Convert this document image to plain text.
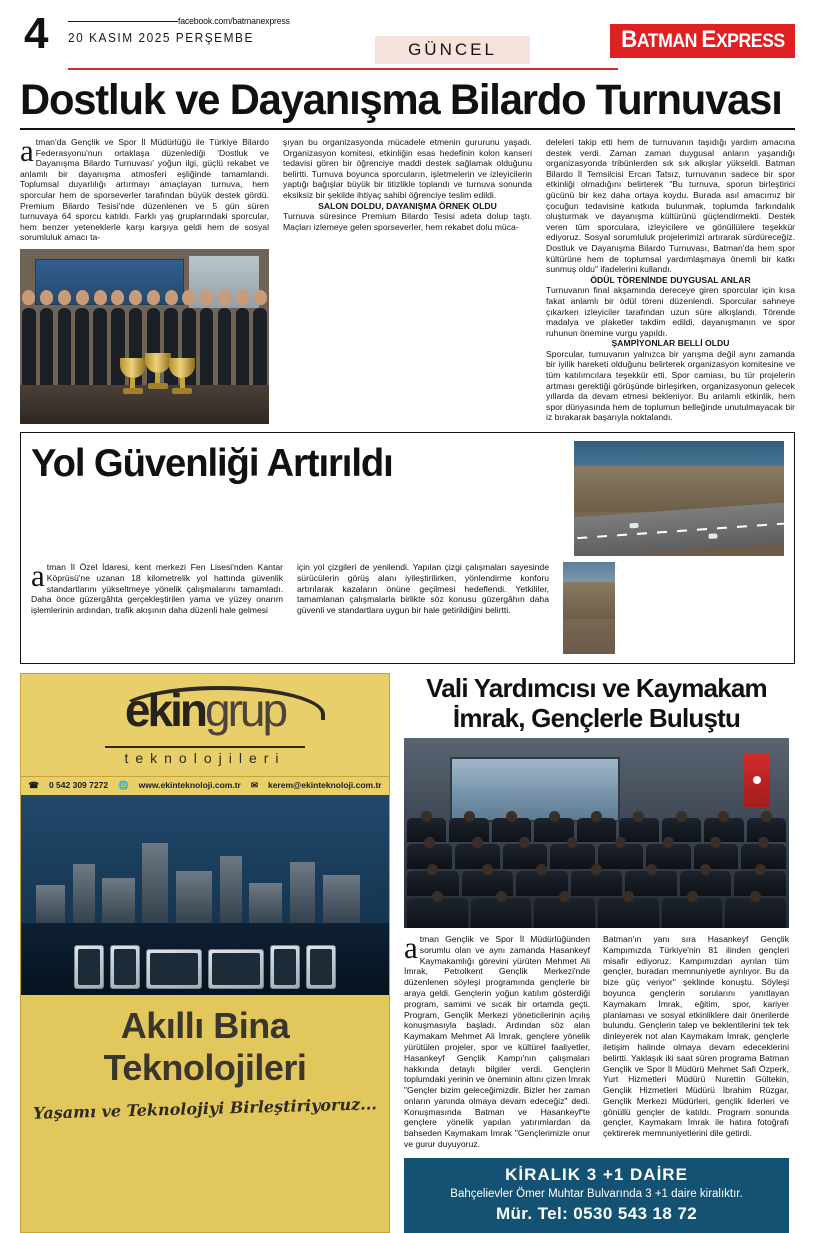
4	facebook.com/batmanexpress
20 KASIM 2025 PERŞEMBE
GÜNCEL	BATMAN EXPRESS
Dostluk ve Dayanışma Bilardo Turnuvası

atman'da Gençlik ve Spor İl Müdürlüğü ile Türkiye Bilardo Federasyonu'nun ortaklaşa düzenlediği 'Dostluk ve Dayanışma Bilardo Turnuvası' yoğun ilgi, güçlü rekabet ve anlamlı bir dayanışma atmosferi eşliğinde tamamlandı. Toplumsal duyarlılığı artırmayı amaçlayan turnuva, hem sporcular hem de sporseverler tarafından büyük destek gördü. Premium Bilardo Tesisi'nde düzenlenen ve 5 gün süren turnuvaya 64 sporcu katıldı. Farklı yaş gruplarındaki sporcular, hem benzer yeteneklerle karşı karşıya geldi hem de sosyal sorumluluk amacı ta-

şıyan bu organizasyonda mücadele etmenin gururunu yaşadı. Organizasyon komitesi, etkinliğin esas hedefinin kolon kanseri tedavisi gören bir öğrenciye maddi destek sağlamak olduğunu belirtti. Turnuva boyunca sporcuların, işletmelerin ve izleyicilerin yaptığı bağışlar büyük bir titizlikle toplandı ve turnuva sonunda eksiksiz bir şekilde ihtiyaç sahibi öğrenciye teslim edildi.

SALON DOLDU, DAYANIŞMA ÖRNEK OLDU

Turnuva süresince Premium Bilardo Tesisi adeta dolup taştı. Maçları izlemeye gelen sporseverler, hem rekabet dolu müca-

deleleri takip etti hem de turnuvanın taşıdığı yardım amacına destek verdi. Zaman zaman duygusal anların yaşandığı organizasyonda tribünlerden sık sık alkışlar yükseldi. Batman Bilardo İl Temsilcisi Ercan Tatsız, turnuvanın sadece bir spor etkinliği olmadığını belirterek "Bu turnuva, sporun birleştirici gücünü bir kez daha ortaya koydu. Burada asıl amacımız bir çocuğun tedavisine katkıda bulunmak, toplumda farkındalık oluşturmak ve dayanışma kültürünü güçlendirmekti. Destek veren tüm sporculara, izleyicilere ve gönüllülere teşekkür ediyoruz. Sosyal sorumluluk projelerimizi artırarak sürdüreceğiz. Dostluk ve Dayanışma Bilardo Turnuvası, Batman'da hem spor kültürüne hem de toplumsal yardımlaşmaya önemli bir katkı sunmuş oldu" ifadelerini kullandı.

ÖDÜL TÖRENİNDE DUYGUSAL ANLAR

Turnuvanın final akşamında dereceye giren sporcular için kısa fakat anlamlı bir ödül töreni düzenlendi. Sporcular sahneye çıkarken izleyiciler tarafından uzun süre alkışlandı. Törende madalya ve plaketler takdim edildi, dayanışmanın ve spor ruhunun önemine vurgu yapıldı.

ŞAMPİYONLAR BELLİ OLDU

Sporcular, turnuvanın yalnızca bir yarışma değil aynı zamanda bir iyilik hareketi olduğunu belirterek organizasyon komitesine ve tüm katılımcılara teşekkür etti. Spor camiası, bu tür projelerin artması gerektiği görüşünde birleşirken, organizasyonun gelecek yıllarda da devam etmesi bekleniyor. Bu anlamlı etkinlik, hem spor dünyasında hem de toplumun belleğinde unutulmayacak bir iz bırakarak başarıyla noktalandı.

Yol Güvenliği Artırıldı

atman İl Özel İdaresi, kent merkezi Fen Lisesi'nden Kantar Köprüsü'ne uzanan 18 kilometrelik yol hattında güvenlik standartlarını yükseltmeye yönelik çalışmalarını tamamladı. Daha önce güzergâhta gerçekleştirilen yama ve yüzey onarım işlemlerinin ardından, trafik akışının daha düzenli hale gelmesi

için yol çizgileri de yenilendi. Yapılan çizgi çalışmaları sayesinde sürücülerin görüş alanı iyileştirilirken, yönlendirme konforu artırılarak kazaların önüne geçilmesi hedeflendi. Yetkililer, tamamlanan çalışmalarla birlikte söz konusu güzergâhın daha güvenli ve standartlara uygun bir hale getirildiğini belirtti.

ekingrup
teknolojileri
☎ 0 542 309 7272 🌐 www.ekinteknoloji.com.tr ✉ kerem@ekinteknoloji.com.tr
Akıllı Bina
Teknolojileri
Yaşamı ve Teknolojiyi Birleştiriyoruz...
Vali Yardımcısı ve Kaymakam
İmrak, Gençlerle Buluştu

atman Gençlik ve Spor İl Müdürlüğünden sorumlu olan ve aynı zamanda Hasankeyf Kaymakamlığı görevini yürüten Mehmet Ali İmrak, Petrolkent Gençlik Merkezi'nde düzenlenen söyleşi programında gençlerle bir araya geldi. Gençlerin yoğun katılım gösterdiği program, samimi ve sıcak bir ortamda geçti. Program, Gençlik Merkezi yöneticilerinin açılış konuşmasıyla başladı. Ardından söz alan Kaymakam Mehmet Ali İmrak, gençlere yönelik yürütülen projeler, spor ve kültürel faaliyetler, Hasankeyf Gençlik Kampı'nın çalışmaları hakkında detaylı bilgiler verdi. Gençlerin toplumdaki yerinin ve öneminin altını çizen İmrak "Gençler bizim geleceğimizdir. Bizler her zaman onların yanında olmaya devam edeceğiz" dedi. Konuşmasında Batman ve Hasankeyf'te gençlere yönelik yapılan yatırımlardan da bahseden Kaymakam İmrak "Gençlerimizle onur ve gurur duyuyoruz.

Batman'ın yanı sıra Hasankeyf Gençlik Kampımızda Türkiye'nin 81 ilinden gençleri misafir ediyoruz. Kampımızdan ayrılan tüm gençler, buradan memnuniyetle ayrılıyor. Bu da bize güç veriyor" şeklinde konuştu. Söyleşi boyunca gençlerin sorularını yanıtlayan Kaymakam İmrak, eğitim, spor, kariyer planlaması ve sosyal etkinliklere dair önerilerde bulundu. Gençlerin talep ve beklentilerini tek tek dinleyerek not alan Kaymakam İmrak, gençlerle iletişim halinde olmaya devam edeceklerini belirtti. Yaklaşık iki saat süren programa Batman Gençlik ve Spor İl Müdürü Mehmet Safi Özperk, Yurt Hizmetleri Müdürü Nurettin Gültekin, Gençlik Hizmetleri Müdürü İbrahim Rüzgar, Gençlik Merkezi Müdürleri, gençlik liderleri ve gönüllü gençler de katıldı. Program sonunda gençler, Kaymakam İmrak ile hatıra fotoğrafı çektirerek memnuniyetlerini dile getirdi.

KİRALIK 3 +1 DAİRE
Bahçelievler Ömer Muhtar Bulvarında 3 +1 daire kiralıktır.
Mür. Tel: 0530 543 18 72
